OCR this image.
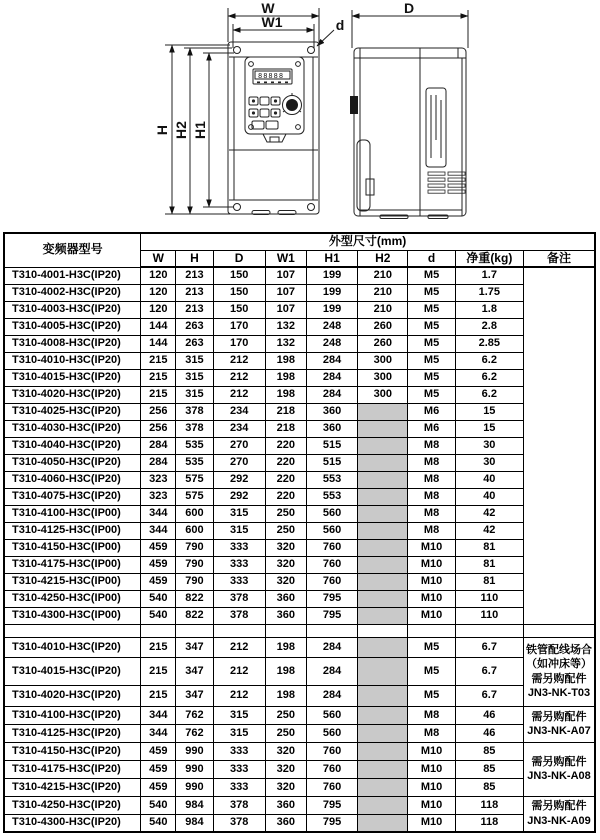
W
W1	d
D
H H2 H1
88888
变频器型号	外型尺寸(mm)								
	W	H	D	W1	H1	H2	d	净重(kg)	备注
T310-4001-H3C(IP20)	120	213	150	107	199	210	M5	1.7	
T310-4002-H3C(IP20)	120	213	150	107	199	210	M5	1.75	
T310-4003-H3C(IP20)	120	213	150	107	199	210	M5	1.8	
T310-4005-H3C(IP20)	144	263	170	132	248	260	M5	2.8	
T310-4008-H3C(IP20)	144	263	170	132	248	260	M5	2.85	
T310-4010-H3C(IP20)	215	315	212	198	284	300	M5	6.2	
T310-4015-H3C(IP20)	215	315	212	198	284	300	M5	6.2	
T310-4020-H3C(IP20)	215	315	212	198	284	300	M5	6.2	
T310-4025-H3C(IP20)	256	378	234	218	360		M6	15	
T310-4030-H3C(IP20)	256	378	234	218	360		M6	15	
T310-4040-H3C(IP20)	284	535	270	220	515		M8	30	
T310-4050-H3C(IP20)	284	535	270	220	515		M8	30	
T310-4060-H3C(IP20)	323	575	292	220	553		M8	40	
T310-4075-H3C(IP20)	323	575	292	220	553		M8	40	
T310-4100-H3C(IP00)	344	600	315	250	560		M8	42	
T310-4125-H3C(IP00)	344	600	315	250	560		M8	42	
T310-4150-H3C(IP00)	459	790	333	320	760		M10	81	
T310-4175-H3C(IP00)	459	790	333	320	760		M10	81	
T310-4215-H3C(IP00)	459	790	333	320	760		M10	81	
T310-4250-H3C(IP00)	540	822	378	360	795		M10	110	
T310-4300-H3C(IP00)	540	822	378	360	795		M10	110	

T310-4010-H3C(IP20)	215	347	212	198	284		M5	6.7	铁管配线场合
（如冲床等）
需另购配件
JN3-NK-T03

T310-4015-H3C(IP20)	215	347	212	198	284		M5	6.7	
T310-4020-H3C(IP20)	215	347	212	198	284		M5	6.7	
T310-4100-H3C(IP20)	344	762	315	250	560		M8	46	需另购配件
JN3-NK-A07

T310-4125-H3C(IP20)	344	762	315	250	560		M8	46	
T310-4150-H3C(IP20)	459	990	333	320	760		M10	85	需另购配件
JN3-NK-A08

T310-4175-H3C(IP20)	459	990	333	320	760		M10	85	
T310-4215-H3C(IP20)	459	990	333	320	760		M10	85	
T310-4250-H3C(IP20)	540	984	378	360	795		M10	118	需另购配件
JN3-NK-A09

T310-4300-H3C(IP20)	540	984	378	360	795		M10	118	
